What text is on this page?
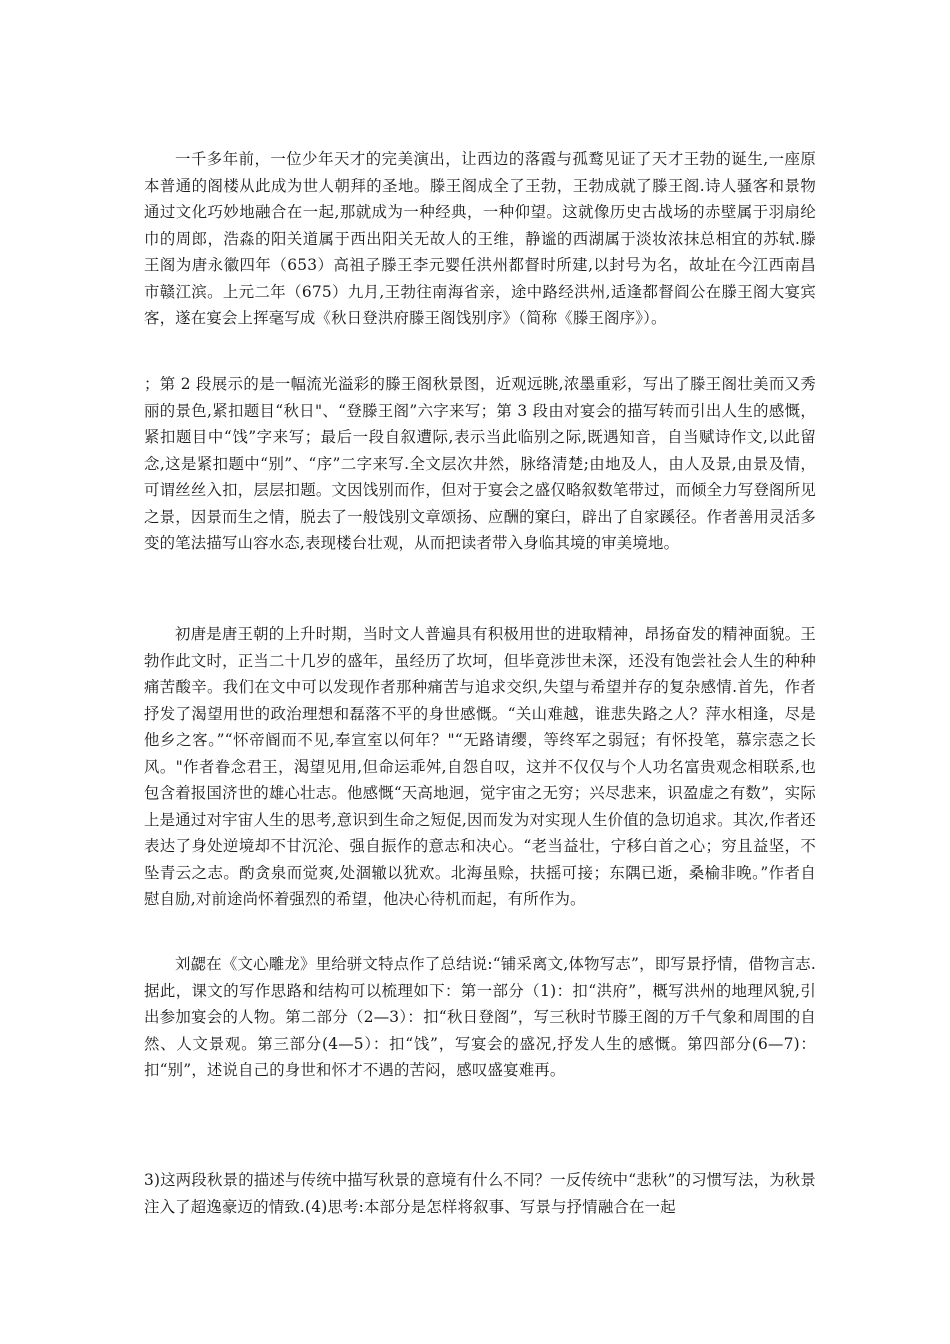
一千多年前，一位少年天才的完美演出，让西边的落霞与孤鹜见证了天才王勃的诞生,一座原本普通的阁楼从此成为世人朝拜的圣地。滕王阁成全了王勃，王勃成就了滕王阁.诗人骚客和景物通过文化巧妙地融合在一起,那就成为一种经典，一种仰望。这就像历史古战场的赤壁属于羽扇纶巾的周郎，浩淼的阳关道属于西出阳关无故人的王维，静谧的西湖属于淡妆浓抹总相宜的苏轼.滕王阁为唐永徽四年（653）高祖子滕王李元婴任洪州都督时所建,以封号为名，故址在今江西南昌市赣江滨。上元二年（675）九月,王勃往南海省亲，途中路经洪州,适逢都督阎公在滕王阁大宴宾客，遂在宴会上挥毫写成《秋日登洪府滕王阁饯别序》（简称《滕王阁序》）。

；第 2 段展示的是一幅流光溢彩的滕王阁秋景图，近观远眺,浓墨重彩，写出了滕王阁壮美而又秀丽的景色,紧扣题目“秋日"、“登滕王阁”六字来写；第 3 段由对宴会的描写转而引出人生的感慨，紧扣题目中“饯”字来写；最后一段自叙遭际,表示当此临别之际,既遇知音，自当赋诗作文,以此留念,这是紧扣题中“别”、“序”二字来写.全文层次井然，脉络清楚;由地及人，由人及景,由景及情，可谓丝丝入扣，层层扣题。文因饯别而作，但对于宴会之盛仅略叙数笔带过，而倾全力写登阁所见之景，因景而生之情，脱去了一般饯别文章颂扬、应酬的窠臼，辟出了自家蹊径。作者善用灵活多变的笔法描写山容水态,表现楼台壮观，从而把读者带入身临其境的审美境地。

初唐是唐王朝的上升时期，当时文人普遍具有积极用世的进取精神，昂扬奋发的精神面貌。王勃作此文时，正当二十几岁的盛年，虽经历了坎坷，但毕竟涉世未深，还没有饱尝社会人生的种种痛苦酸辛。我们在文中可以发现作者那种痛苦与追求交织,失望与希望并存的复杂感情.首先，作者抒发了渴望用世的政治理想和磊落不平的身世感慨。“关山难越，谁悲失路之人？萍水相逢，尽是他乡之客。”“怀帝阍而不见,奉宣室以何年？"“无路请缨，等终军之弱冠；有怀投笔，慕宗悫之长风。"作者眷念君王，渴望见用,但命运乖舛,自怨自叹，这并不仅仅与个人功名富贵观念相联系,也包含着报国济世的雄心壮志。他感慨“天高地迥，觉宇宙之无穷；兴尽悲来，识盈虚之有数”，实际上是通过对宇宙人生的思考,意识到生命之短促,因而发为对实现人生价值的急切追求。其次,作者还表达了身处逆境却不甘沉沦、强自振作的意志和决心。“老当益壮，宁移白首之心；穷且益坚，不坠青云之志。酌贪泉而觉爽,处涸辙以犹欢。北海虽赊，扶摇可接；东隅已逝，桑榆非晚。”作者自慰自励,对前途尚怀着强烈的希望，他决心待机而起，有所作为。

刘勰在《文心雕龙》里给骈文特点作了总结说:“铺采离文,体物写志”，即写景抒情，借物言志.据此，课文的写作思路和结构可以梳理如下：第一部分（1)：扣“洪府”，概写洪州的地理风貌,引出参加宴会的人物。第二部分（2—3）：扣“秋日登阁”，写三秋时节滕王阁的万千气象和周围的自然、人文景观。第三部分(4—5）：扣“饯”，写宴会的盛况,抒发人生的感慨。第四部分(6—7)：扣“别”，述说自己的身世和怀才不遇的苦闷，感叹盛宴难再。

3)这两段秋景的描述与传统中描写秋景的意境有什么不同？一反传统中“悲秋”的习惯写法，为秋景注入了超逸豪迈的情致.(4)思考:本部分是怎样将叙事、写景与抒情融合在一起
